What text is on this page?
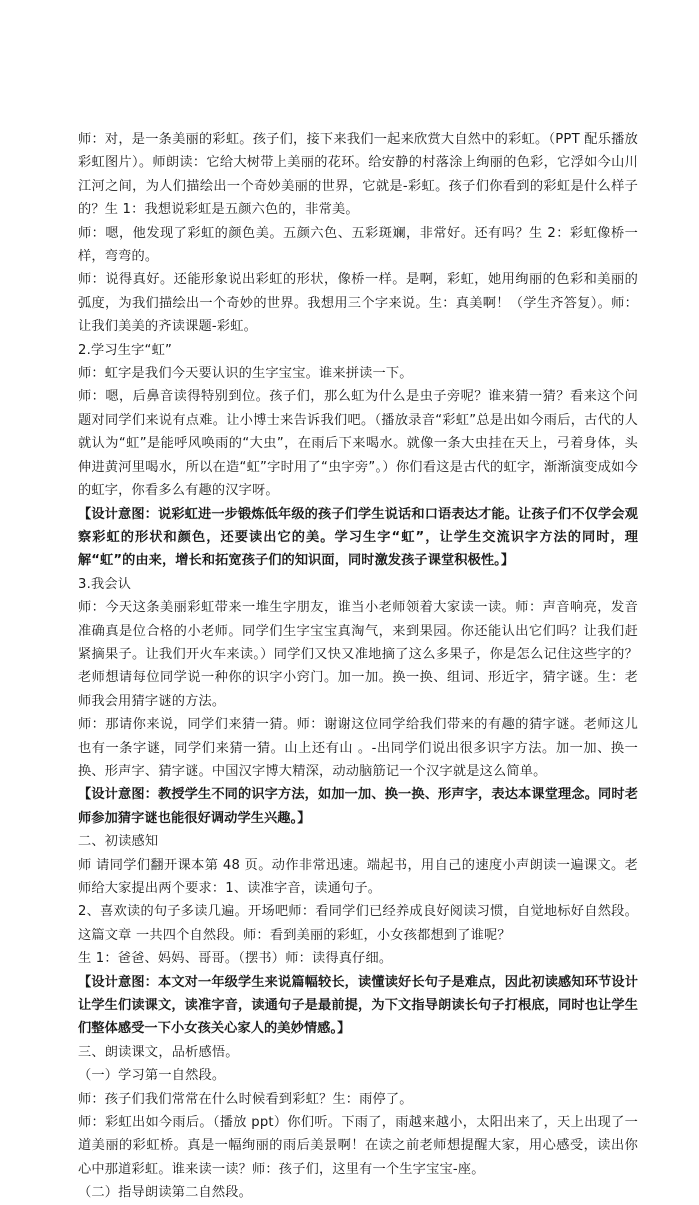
师：对，是一条美丽的彩虹。孩子们，接下来我们一起来欣赏大自然中的彩虹。（PPT 配乐播放彩虹图片）。师朗读：它给大树带上美丽的花环。给安静的村落涂上绚丽的色彩，它浮如今山川江河之间，为人们描绘出一个奇妙美丽的世界，它就是-彩虹。孩子们你看到的彩虹是什么样子的？生 1：我想说彩虹是五颜六色的，非常美。

师：嗯，他发现了彩虹的颜色美。五颜六色、五彩斑斓，非常好。还有吗？生 2：彩虹像桥一样，弯弯的。

师：说得真好。还能形象说出彩虹的形状，像桥一样。是啊，彩虹，她用绚丽的色彩和美丽的弧度，为我们描绘出一个奇妙的世界。我想用三个字来说。生：真美啊！（学生齐答复）。师：让我们美美的齐读课题-彩虹。

2.学习生字“虹”

师：虹字是我们今天要认识的生字宝宝。谁来拼读一下。

师：嗯，后鼻音读得特别到位。孩子们，那么虹为什么是虫子旁呢？谁来猜一猜？看来这个问题对同学们来说有点难。让小博士来告诉我们吧。（播放录音“彩虹”总是出如今雨后，古代的人就认为“虹”是能呼风唤雨的“大虫”，在雨后下来喝水。就像一条大虫挂在天上，弓着身体，头伸进黄河里喝水，所以在造“虹”字时用了“虫字旁”。）你们看这是古代的虹字，渐渐演变成如今的虹字，你看多么有趣的汉字呀。

【设计意图：说彩虹进一步锻炼低年级的孩子们学生说话和口语表达才能。让孩子们不仅学会观察彩虹的形状和颜色，还要读出它的美。学习生字“虹”，让学生交流识字方法的同时，理解“虹”的由来，增长和拓宽孩子们的知识面，同时激发孩子课堂积极性。】

3.我会认

师：今天这条美丽彩虹带来一堆生字朋友，谁当小老师领着大家读一读。师：声音响亮，发音准确真是位合格的小老师。同学们生字宝宝真淘气，来到果园。你还能认出它们吗？让我们赶紧摘果子。让我们开火车来读。）同学们又快又准地摘了这么多果子，你是怎么记住这些字的？老师想请每位同学说一种你的识字小窍门。加一加。换一换、组词、形近字，猜字谜。生：老师我会用猜字谜的方法。

师：那请你来说，同学们来猜一猜。师：谢谢这位同学给我们带来的有趣的猜字谜。老师这儿也有一条字谜，同学们来猜一猜。山上还有山 。-出同学们说出很多识字方法。加一加、换一换、形声字、猜字谜。中国汉字博大精深，动动脑筋记一个汉字就是这么简单。

【设计意图：教授学生不同的识字方法，如加一加、换一换、形声字，表达本课堂理念。同时老师参加猜字谜也能很好调动学生兴趣。】

二、初读感知

师 请同学们翻开课本第 48 页。动作非常迅速。端起书，用自己的速度小声朗读一遍课文。老师给大家提出两个要求：1、读准字音，读通句子。

2、喜欢读的句子多读几遍。开场吧师：看同学们已经养成良好阅读习惯，自觉地标好自然段。这篇文章 一共四个自然段。师：看到美丽的彩虹，小女孩都想到了谁呢？

生 1：爸爸、妈妈、哥哥。（摆书）师：读得真仔细。

【设计意图：本文对一年级学生来说篇幅较长，读懂读好长句子是难点，因此初读感知环节设计让学生们读课文，读准字音，读通句子是最前提，为下文指导朗读长句子打根底，同时也让学生们整体感受一下小女孩关心家人的美妙情感。】

三、朗读课文，品析感悟。

（一）学习第一自然段。

师：孩子们我们常常在什么时候看到彩虹？生：雨停了。

师：彩虹出如今雨后。（播放 ppt）你们听。下雨了，雨越来越小，太阳出来了，天上出现了一道美丽的彩虹桥。真是一幅绚丽的雨后美景啊！在读之前老师想提醒大家，用心感受，读出你心中那道彩虹。谁来读一读？师：孩子们，这里有一个生字宝宝-座。

（二）指导朗读第二自然段。
